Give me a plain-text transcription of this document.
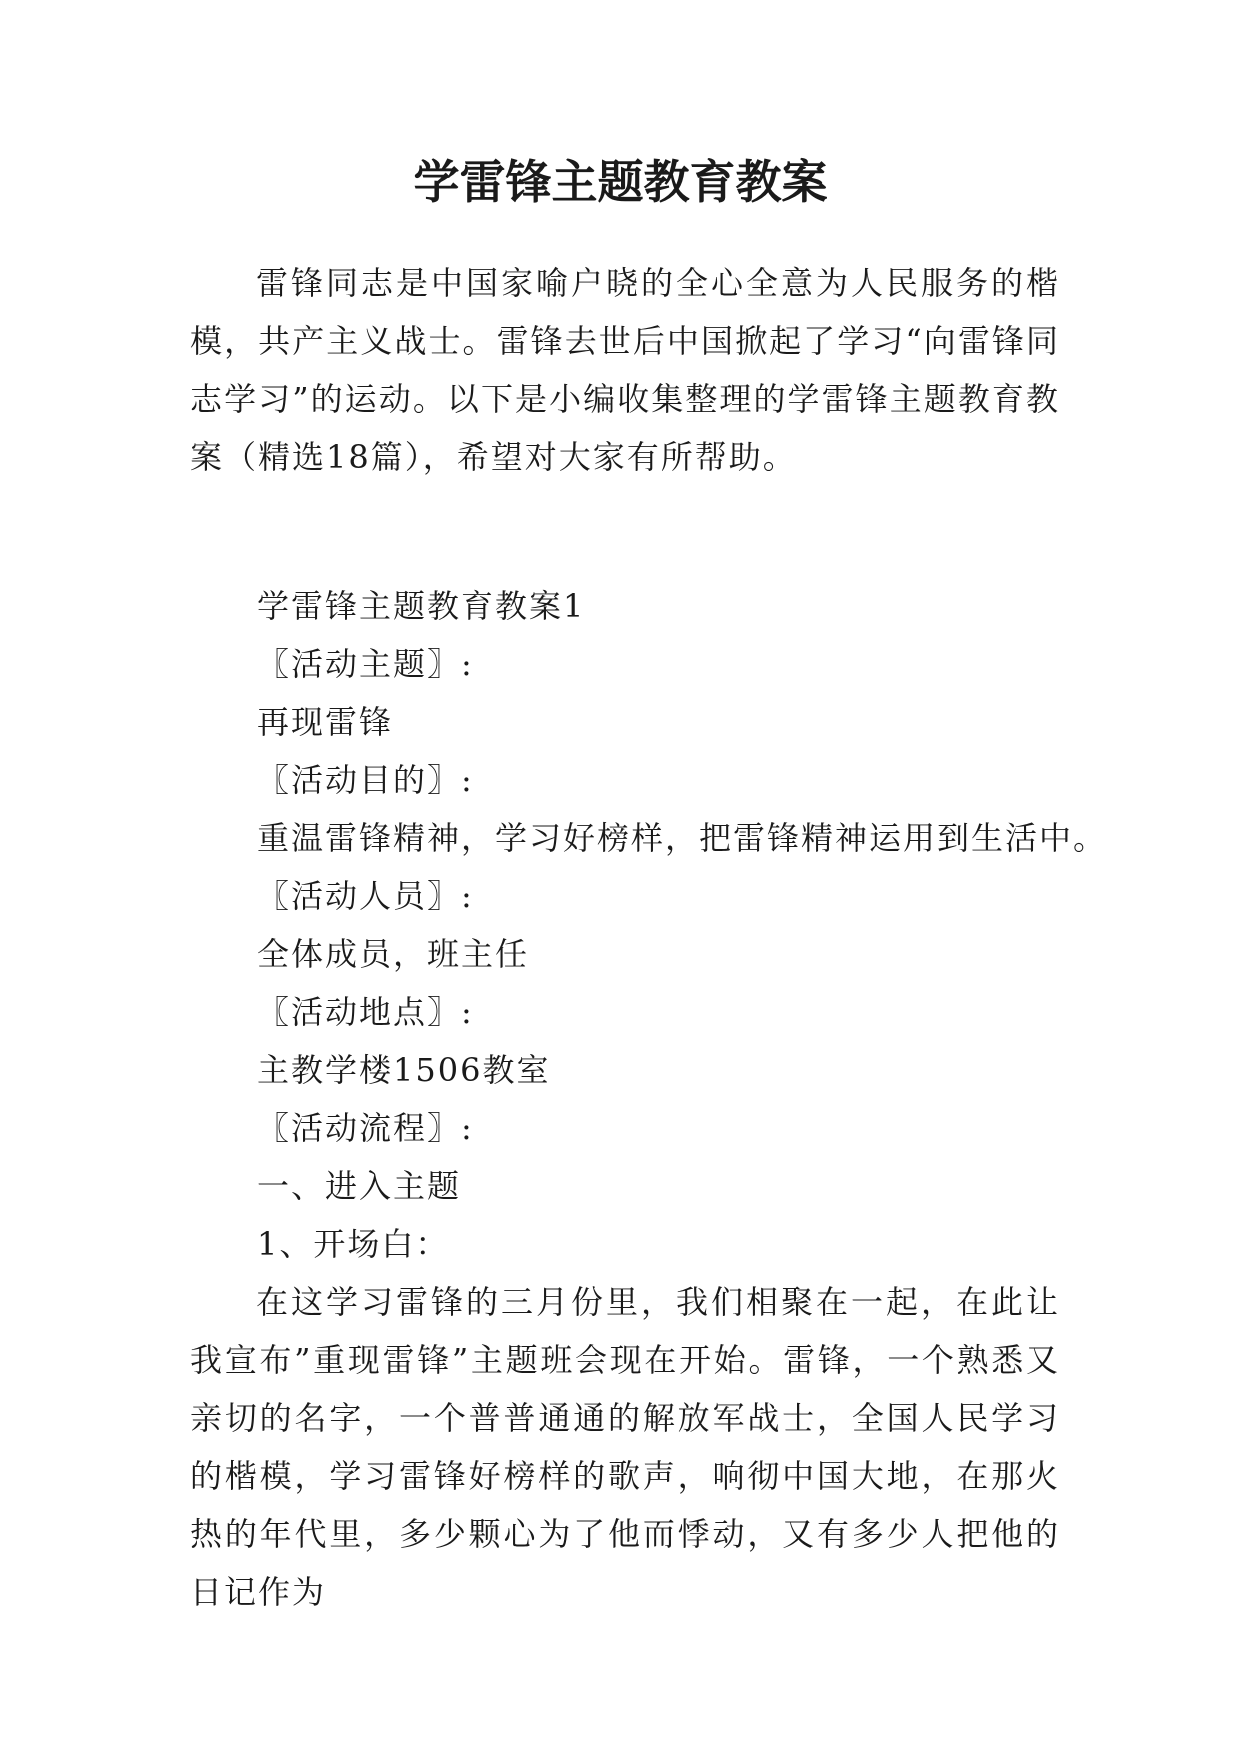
学雷锋主题教育教案

雷锋同志是中国家喻户晓的全心全意为人民服务的楷模，共产主义战士。雷锋去世后中国掀起了学习“向雷锋同志学习”的运动。以下是小编收集整理的学雷锋主题教育教案（精选18篇），希望对大家有所帮助。

学雷锋主题教育教案1
〖活动主题〗:
再现雷锋
〖活动目的〗:
重温雷锋精神，学习好榜样，把雷锋精神运用到生活中。
〖活动人员〗:
全体成员，班主任
〖活动地点〗:
主教学楼1506教室
〖活动流程〗:
一、进入主题
1、开场白：

在这学习雷锋的三月份里，我们相聚在一起，在此让我宣布”重现雷锋”主题班会现在开始。雷锋，一个熟悉又亲切的名字，一个普普通通的解放军战士，全国人民学习的楷模，学习雷锋好榜样的歌声，响彻中国大地，在那火热的年代里，多少颗心为了他而悸动，又有多少人把他的日记作为
